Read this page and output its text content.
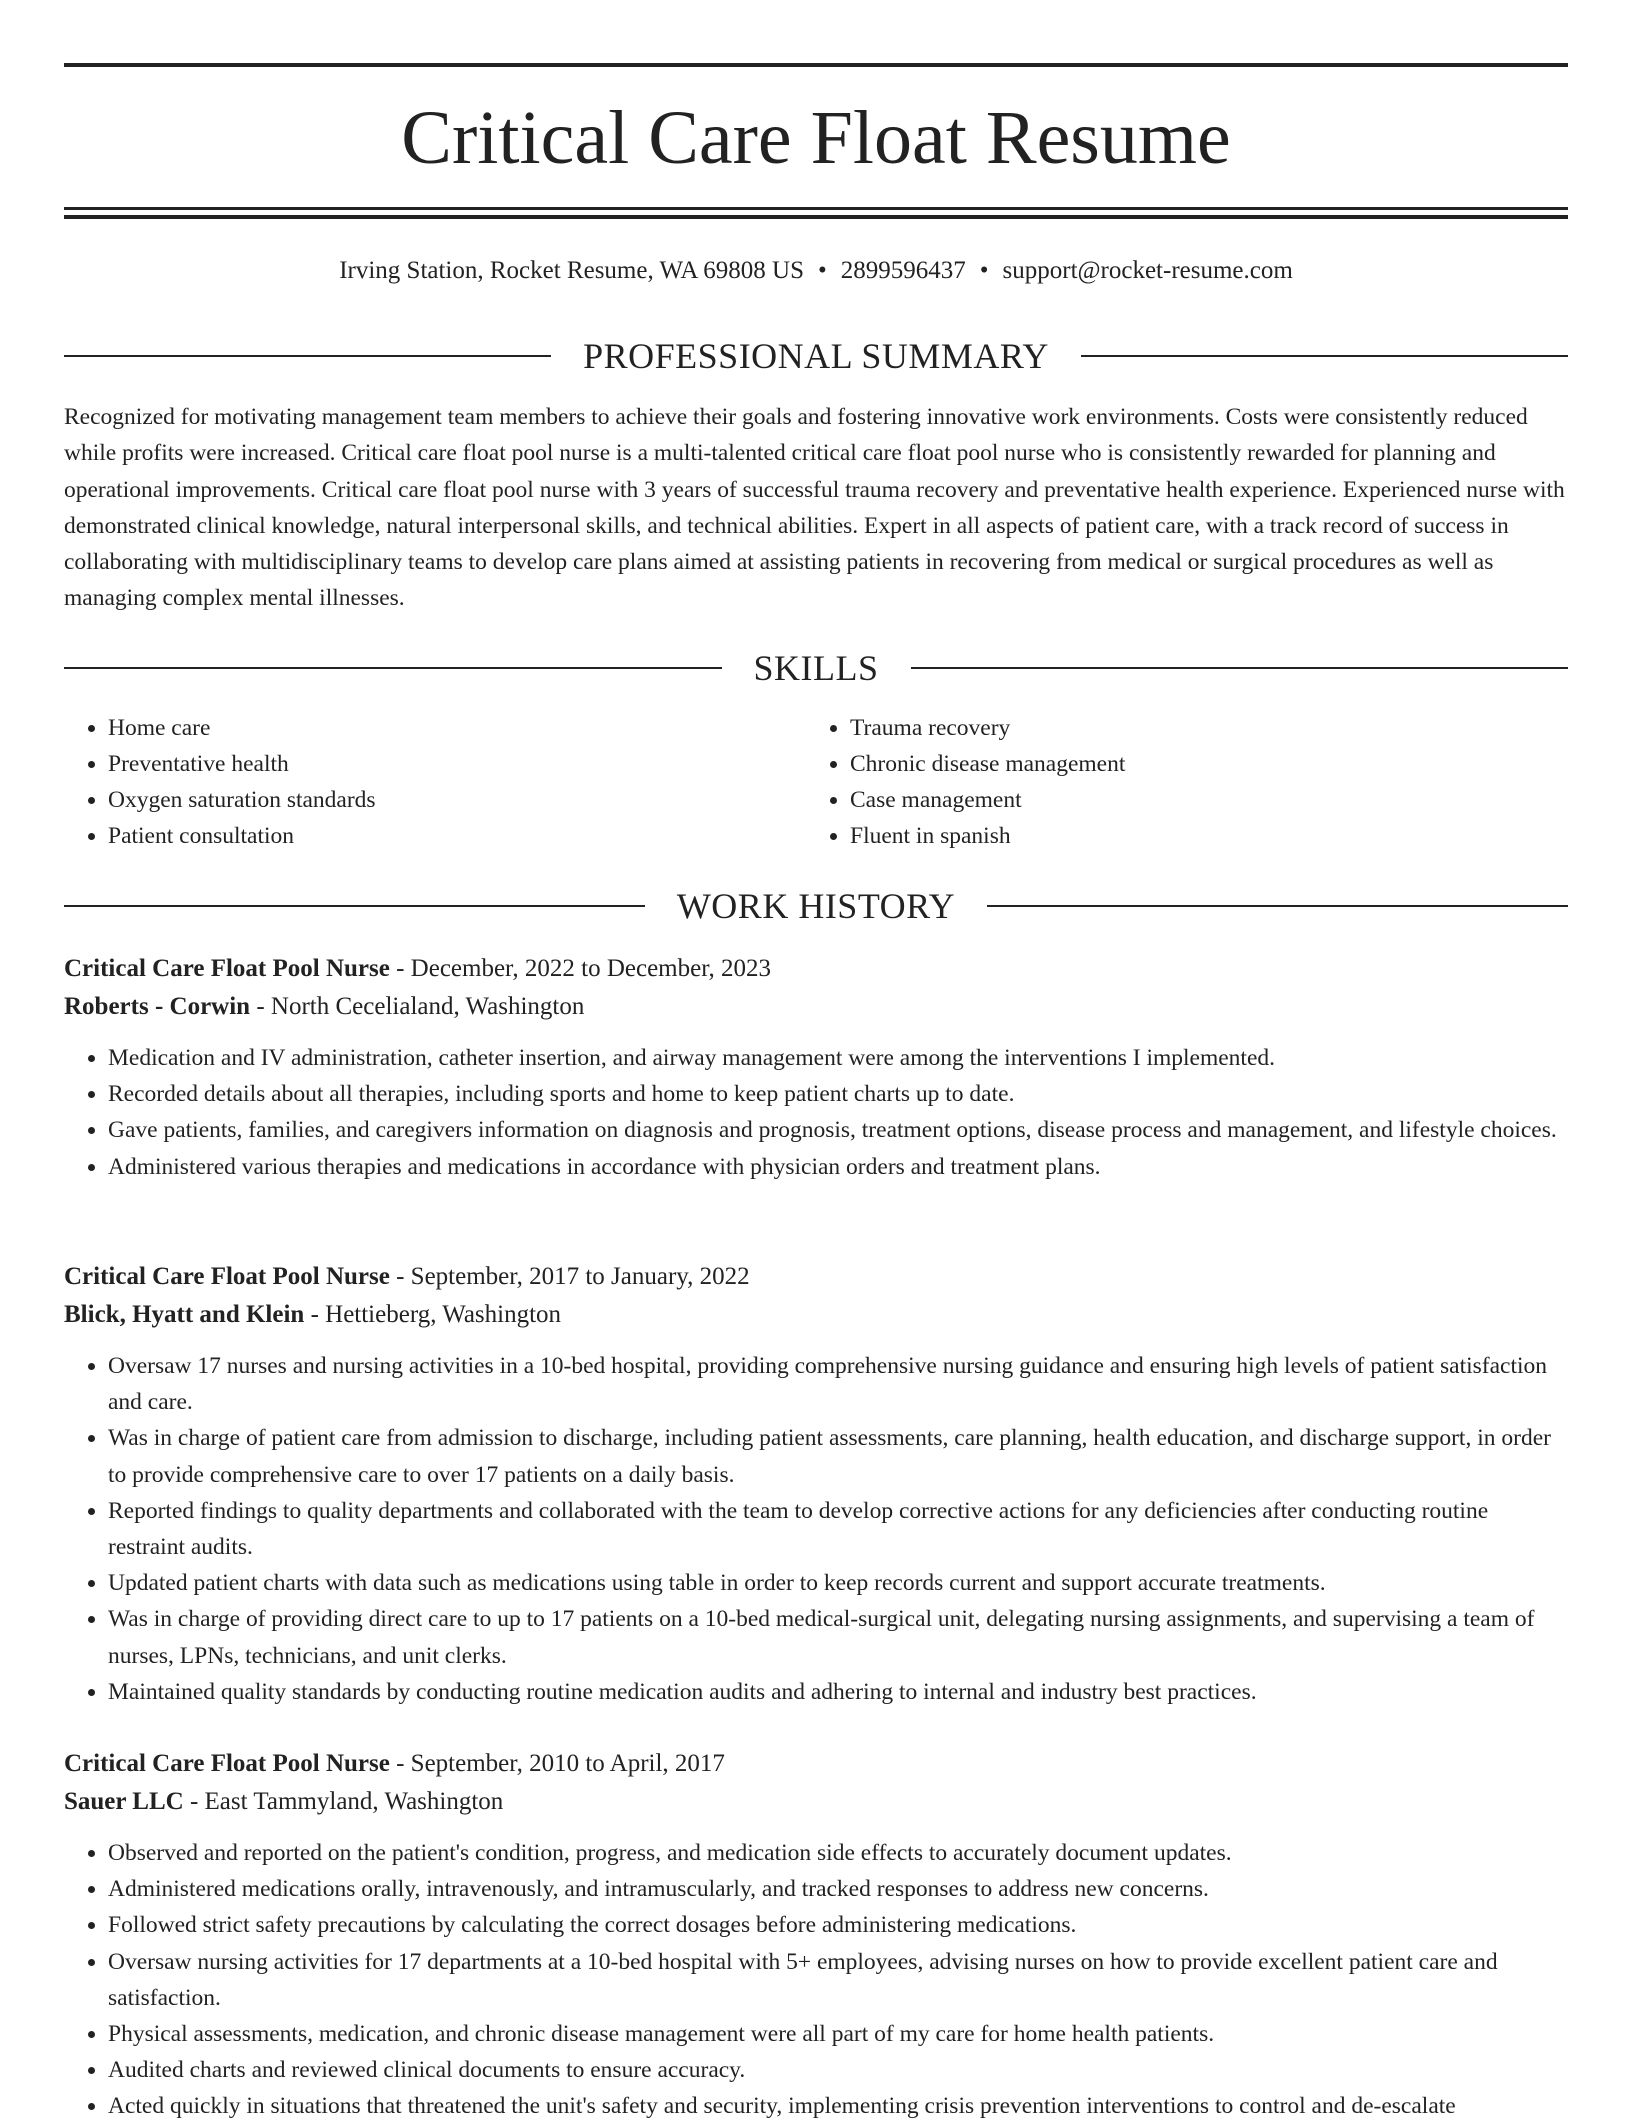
Critical Care Float Resume
Irving Station, Rocket Resume, WA 69808 US • 2899596437 • support@rocket-resume.com
PROFESSIONAL SUMMARY

Recognized for motivating management team members to achieve their goals and fostering innovative work environments. Costs were consistently reduced while profits were increased. Critical care float pool nurse is a multi-talented critical care float pool nurse who is consistently rewarded for planning and operational improvements. Critical care float pool nurse with 3 years of successful trauma recovery and preventative health experience. Experienced nurse with demonstrated clinical knowledge, natural interpersonal skills, and technical abilities. Expert in all aspects of patient care, with a track record of success in collaborating with multidisciplinary teams to develop care plans aimed at assisting patients in recovering from medical or surgical procedures as well as managing complex mental illnesses.

SKILLS
• Home care
• Preventative health
• Oxygen saturation standards
• Patient consultation
• Trauma recovery
• Chronic disease management
• Case management
• Fluent in spanish
WORK HISTORY

Critical Care Float Pool Nurse - December, 2022 to December, 2023

Roberts - Corwin - North Cecelialand, Washington

• Medication and IV administration, catheter insertion, and airway management were among the interventions I implemented.
• Recorded details about all therapies, including sports and home to keep patient charts up to date.
• Gave patients, families, and caregivers information on diagnosis and prognosis, treatment options, disease process and management, and lifestyle choices.
• Administered various therapies and medications in accordance with physician orders and treatment plans.

Critical Care Float Pool Nurse - September, 2017 to January, 2022

Blick, Hyatt and Klein - Hettieberg, Washington

• Oversaw 17 nurses and nursing activities in a 10-bed hospital, providing comprehensive nursing guidance and ensuring high levels of patient satisfaction and care.
• Was in charge of patient care from admission to discharge, including patient assessments, care planning, health education, and discharge support, in order to provide comprehensive care to over 17 patients on a daily basis.
• Reported findings to quality departments and collaborated with the team to develop corrective actions for any deficiencies after conducting routine restraint audits.
• Updated patient charts with data such as medications using table in order to keep records current and support accurate treatments.
• Was in charge of providing direct care to up to 17 patients on a 10-bed medical-surgical unit, delegating nursing assignments, and supervising a team of nurses, LPNs, technicians, and unit clerks.
• Maintained quality standards by conducting routine medication audits and adhering to internal and industry best practices.

Critical Care Float Pool Nurse - September, 2010 to April, 2017

Sauer LLC - East Tammyland, Washington

• Observed and reported on the patient's condition, progress, and medication side effects to accurately document updates.
• Administered medications orally, intravenously, and intramuscularly, and tracked responses to address new concerns.
• Followed strict safety precautions by calculating the correct dosages before administering medications.
• Oversaw nursing activities for 17 departments at a 10-bed hospital with 5+ employees, advising nurses on how to provide excellent patient care and satisfaction.
• Physical assessments, medication, and chronic disease management were all part of my care for home health patients.
• Audited charts and reviewed clinical documents to ensure accuracy.
• Acted quickly in situations that threatened the unit's safety and security, implementing crisis prevention interventions to control and de-escalate
